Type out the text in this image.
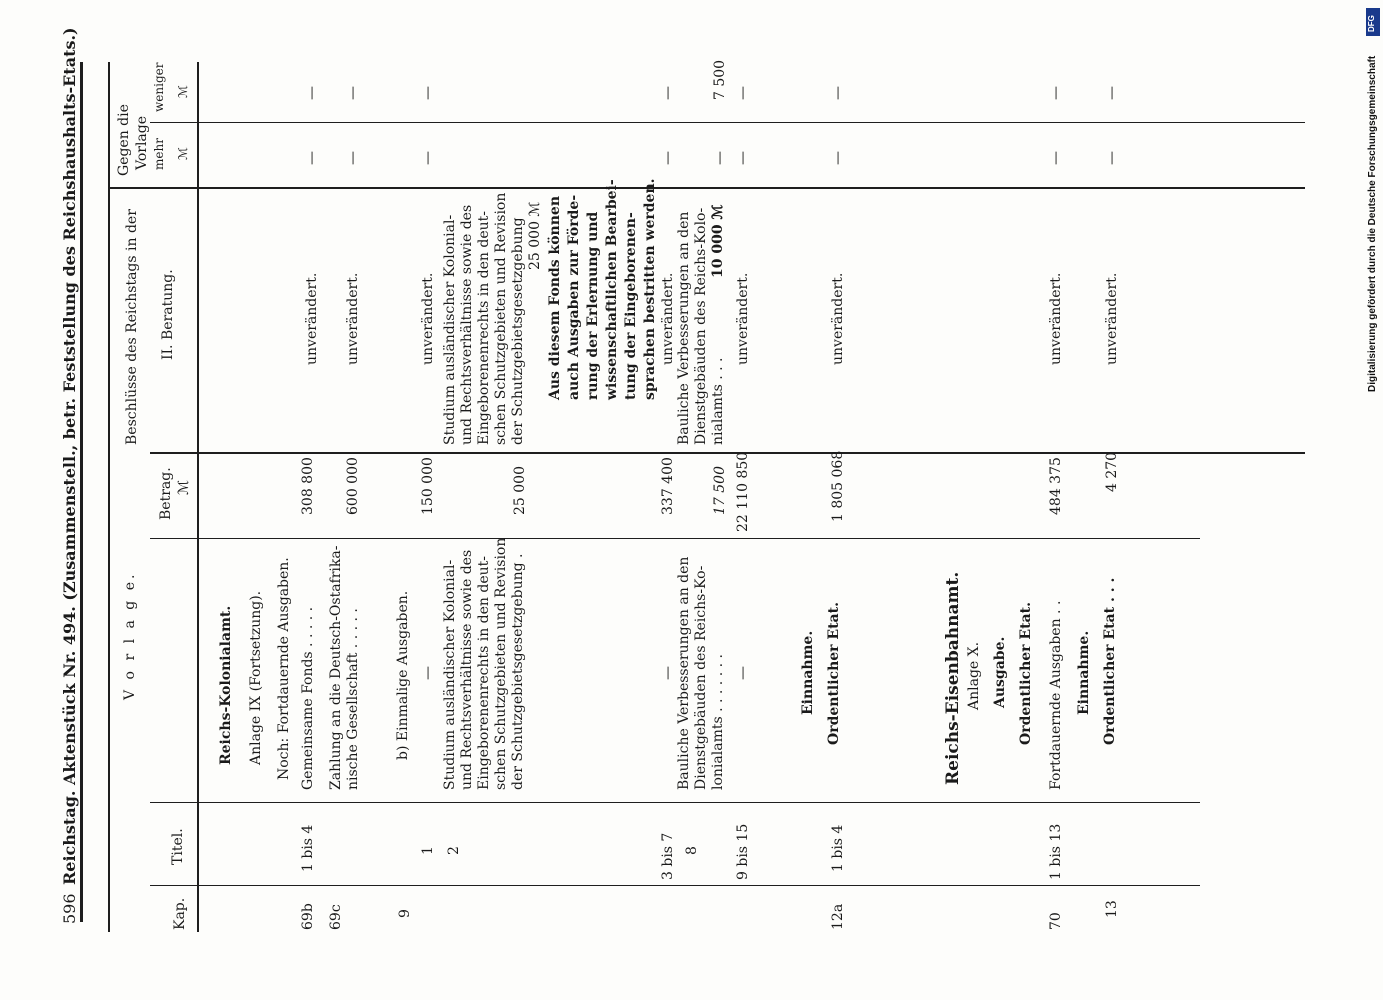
596
Reichstag. Aktenstück Nr. 494. (Zusammenstell., betr. Feststellung des Reichshaushalts-Etats.)
Kap.
Titel.
V o r l a g e.
Betrag. ℳ
Beschlüsse des Reichstags in der II. Beratung.
Gegen die Vorlage mehr ℳ
weniger ℳ
Reichs-Kolonialamt. Anlage IX (Fortsetzung). Noch: Fortdauernde Ausgaben.
69b
1 bis 4
Gemeinsame Fonds . . . . .
308 800
unverändert.
—
—
69c
Zahlung an die Deutsch-Ostafrika- nische Gesellschaft . . . . .
600 000
unverändert.
—
—
b) Einmalige Ausgaben.
9
1
—
150 000
unverändert.
—
—
2
Studium ausländischer Kolonial- und Rechtsverhältnisse sowie des Eingeborenenrechts in den deut- schen Schutzgebieten und Revision der Schutzgebietsgesetzgebung .
25 000
Studium ausländischer Kolonial- und Rechtsverhältnisse sowie des Eingeborenenrechts in den deut- schen Schutzgebieten und Revision der Schutzgebietsgesetzgebung 25 000 ℳ Aus diesem Fonds können auch Ausgaben zur Förde- rung der Erlernung und wissenschaftlichen Bearbei- tung der Eingeborenen- sprachen bestritten werden.
3 bis 7
—
337 400
unverändert.
—
—
8
Bauliche Verbesserungen an den Dienstgebäuden des Reichs-Ko- lonialamts . . . . . . .
17 500
Bauliche Verbesserungen an den Dienstgebäuden des Reichs-Kolo- nialamts . . .
10 000 ℳ
—
7 500
9 bis 15
—
22 110 850
unverändert.
—
—
Einnahme. Ordentlicher Etat.
12a
1 bis 4
1 805 068
unverändert.
—
—
Reichs-Eisenbahnamt. Anlage X. Ausgabe. Ordentlicher Etat.
70
1 bis 13
Fortdauernde Ausgaben . .
484 375
unverändert.
—
—
Einnahme.
13
Ordentlicher Etat . . .
4 270
unverändert.
—
—	Digitalisierung gefördert durch die Deutsche Forschungsgemeinschaft
DFG
